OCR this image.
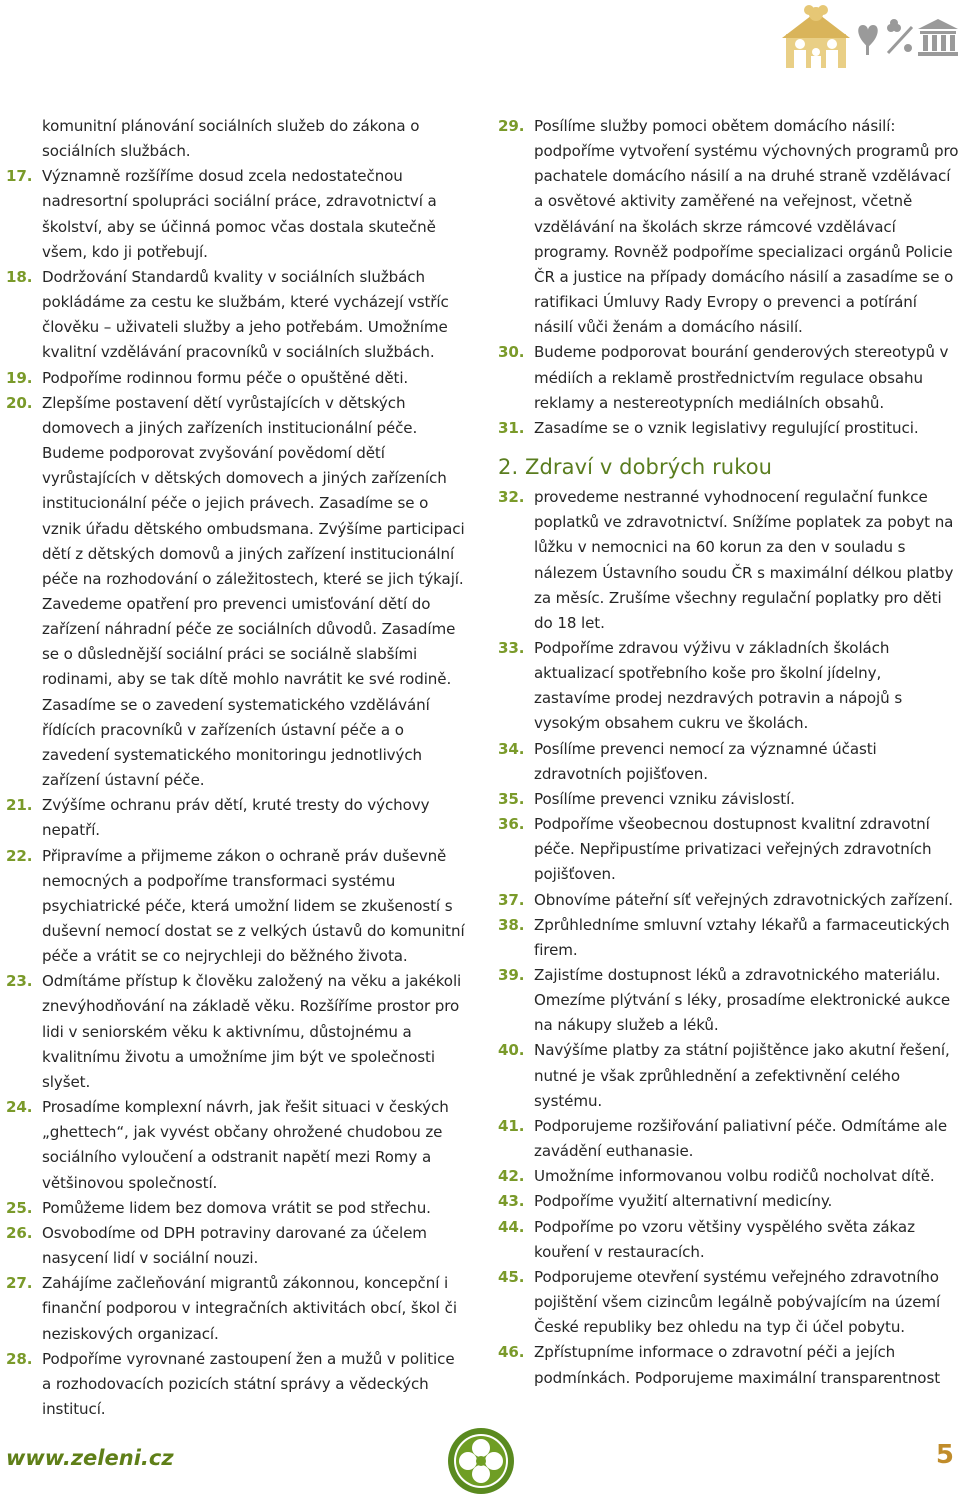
komunitní plánování sociálních služeb do zákona o sociálních službách.
17. Významně rozšíříme dosud zcela nedostatečnou nadresortní spolupráci sociální práce, zdravotnictví a školství, aby se účinná pomoc včas dostala skutečně všem, kdo ji potřebují.
18. Dodržování Standardů kvality v sociálních službách pokládáme za cestu ke službám, které vycházejí vstříc člověku – uživateli služby a jeho potřebám. Umožníme kvalitní vzdělávání pracovníků v sociálních službách.
19. Podpoříme rodinnou formu péče o opuštěné děti.
20. Zlepšíme postavení dětí vyrůstajících v dětských domovech a jiných zařízeních institucionální péče. Budeme podporovat zvyšování povědomí dětí vyrůstajících v dětských domovech a jiných zařízeních institucionální péče o jejich právech. Zasadíme se o vznik úřadu dětského ombudsmana. Zvýšíme participaci dětí z dětských domovů a jiných zařízení institucionální péče na rozhodování o záležitostech, které se jich týkají. Zavedeme opatření pro prevenci umisťování dětí do zařízení náhradní péče ze sociálních důvodů. Zasadíme se o důslednější sociální práci se sociálně slabšími rodinami, aby se tak dítě mohlo navrátit ke své rodině. Zasadíme se o zavedení systematického vzdělávání řídících pracovníků v zařízeních ústavní péče a o zavedení systematického monitoringu jednotlivých zařízení ústavní péče.
21. Zvýšíme ochranu práv dětí, kruté tresty do výchovy nepatří.
22. Připravíme a přijmeme zákon o ochraně práv duševně nemocných a podpoříme transformaci systému psychiatrické péče, která umožní lidem se zkušeností s duševní nemocí dostat se z velkých ústavů do komunitní péče a vrátit se co nejrychleji do běžného života.
23. Odmítáme přístup k člověku založený na věku a jakékoli znevýhodňování na základě věku. Rozšíříme prostor pro lidi v seniorském věku k aktivnímu, důstojnému a kvalitnímu životu a umožníme jim být ve společnosti slyšet.
24. Prosadíme komplexní návrh, jak řešit situaci v českých „ghettech“, jak vyvést občany ohrožené chudobou ze sociálního vyloučení a odstranit napětí mezi Romy a většinovou společností.
25. Pomůžeme lidem bez domova vrátit se pod střechu.
26. Osvobodíme od DPH potraviny darované za účelem nasycení lidí v sociální nouzi.
27. Zahájíme začleňování migrantů zákonnou, koncepční i finanční podporou v integračních aktivitách obcí, škol či neziskových organizací.
28. Podpoříme vyrovnané zastoupení žen a mužů v politice a rozhodovacích pozicích státní správy a vědeckých institucí.
29. Posílíme služby pomoci obětem domácího násilí: podpoříme vytvoření systému výchovných programů pro pachatele domácího násilí a na druhé straně vzdělávací a osvětové aktivity zaměřené na veřejnost, včetně vzdělávání na školách skrze rámcové vzdělávací programy. Rovněž podpoříme specializaci orgánů Policie ČR a justice na případy domácího násilí a zasadíme se o ratifikaci Úmluvy Rady Evropy o prevenci a potírání násilí vůči ženám a domácího násilí.
30. Budeme podporovat bourání genderových stereotypů v médiích a reklamě prostřednictvím regulace obsahu reklamy a nestereotypních mediálních obsahů.
31. Zasadíme se o vznik legislativy regulující prostituci.
2. Zdraví v dobrých rukou
32. provedeme nestranné vyhodnocení regulační funkce poplatků ve zdravotnictví. Snížíme poplatek za pobyt na lůžku v nemocnici na 60 korun za den v souladu s nálezem Ústavního soudu ČR s maximální délkou platby za měsíc. Zrušíme všechny regulační poplatky pro děti do 18 let.
33. Podpoříme zdravou výživu v základních školách aktualizací spotřebního koše pro školní jídelny, zastavíme prodej nezdravých potravin a nápojů s vysokým obsahem cukru ve školách.
34. Posílíme prevenci nemocí za významné účasti zdravotních pojišťoven.
35. Posílíme prevenci vzniku závislostí.
36. Podpoříme všeobecnou dostupnost kvalitní zdravotní péče. Nepřipustíme privatizaci veřejných zdravotních pojišťoven.
37. Obnovíme páteřní síť veřejných zdravotnických zařízení.
38. Zprůhledníme smluvní vztahy lékařů a farmaceutických firem.
39. Zajistíme dostupnost léků a zdravotnického materiálu. Omezíme plýtvání s léky, prosadíme elektronické aukce na nákupy služeb a léků.
40. Navýšíme platby za státní pojištěnce jako akutní řešení, nutné je však zprůhlednění a zefektivnění celého systému.
41. Podporujeme rozšiřování paliativní péče. Odmítáme ale zavádění euthanasie.
42. Umožníme informovanou volbu rodičů nocholvat dítě.
43. Podpoříme využití alternativní medicíny.
44. Podpoříme po vzoru většiny vyspělého světa zákaz kouření v restauracích.
45. Podporujeme otevření systému veřejného zdravotního pojištění všem cizincům legálně pobývajícím na území České republiky bez ohledu na typ či účel pobytu.
46. Zpřístupníme informace o zdravotní péči a jejích podmínkách. Podporujeme maximální transparentnost
www.zeleni.cz	5
